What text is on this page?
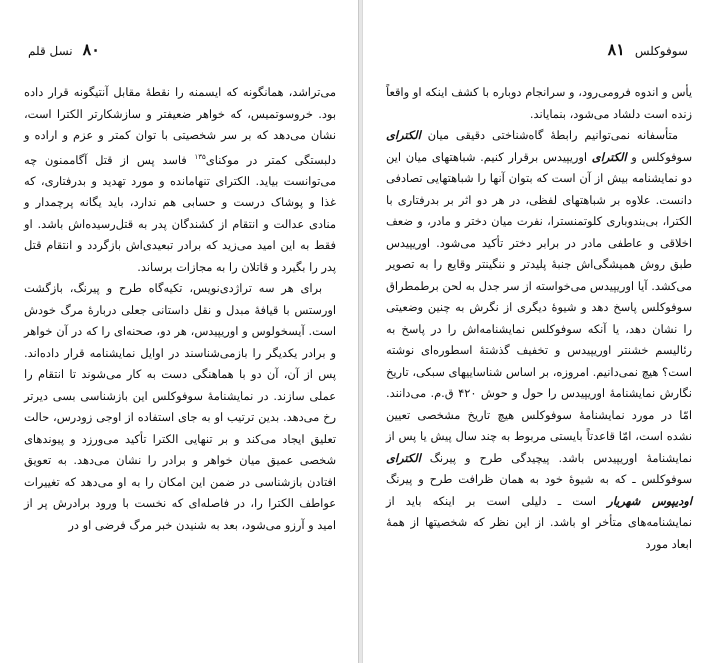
۸۰
نسل قلم

می‌تراشد، همانگونه که ایسمنه را نقطهٔ مقابل آنتیگونه قرار داده بود. خروسوتمیس، که خواهر ضعیفتر و سازشکارتر الکترا است، نشان می‌دهد که بر سر شخصیتی با توان کمتر و عزم و اراده و دلبستگی کمتر در موکنای$^{۱۳۵}$ فاسد پس از قتل آگاممنون چه می‌توانست بیاید. الکترای تنهاماندە و مورد تهدید و بدرفتاری، که غذا و پوشاک درست و حسابی هم ندارد، باید یگانه پرچمدار و منادی عدالت و انتقام از کشندگان پدر به قتل‌رسیده‌اش باشد. او فقط به این امید می‌زید که برادر تبعیدی‌اش بازگردد و انتقام قتل پدر را بگیرد و قاتلان را به مجازات برساند.

برای هر سه تراژدی‌نویس، تکیه‌گاه طرح و پیرنگ، بازگشت اورستس با قیافهٔ مبدل و نقل داستانی جعلی دربارهٔ مرگ خودش است. آیسخولوس و اوریپیدس، هر دو، صحنه‌ای را که در آن خواهر و برادر یکدیگر را بازمی‌شناسند در اوایل نمایشنامه قرار داده‌اند. پس از آن، آن دو با هماهنگی دست به کار می‌شوند تا انتقام را عملی سازند. در نمایشنامهٔ سوفوکلس این بازشناسی بسی دیرتر رخ می‌دهد. بدین ترتیب او به جای استفاده از اوجی زودرس، حالت تعلیق ایجاد می‌کند و بر تنهایی الکترا تأکید می‌ورزد و پیوندهای شخصی عمیق میان خواهر و برادر را نشان می‌دهد. به تعویق افتادن بازشناسی در ضمن این امکان را به او می‌دهد که تغییرات عواطف الکترا را، در فاصله‌ای که نخست با ورود برادرش پر از امید و آرزو می‌شود، بعد به شنیدن خبر مرگ فرضی او در

سوفوکلس
۸۱

یأس و اندوه فرومی‌رود، و سرانجام دوباره با کشف اینکه او واقعاً زنده است دلشاد می‌شود، بنمایاند.

متأسفانه نمی‌توانیم رابطهٔ گاه‌شناختی دقیقی میان الکترای سوفوکلس و الکترای اوریپیدس برقرار کنیم. شباهتهای میان این دو نمایشنامه بیش از آن است که بتوان آنها را شباهتهایی تصادفی دانست. علاوه بر شباهتهای لفظی، در هر دو اثر بر بدرفتاری با الکترا، بی‌بندوباری کلوتمنسترا، نفرت میان دختر و مادر، و ضعف اخلاقی و عاطفی مادر در برابر دختر تأکید می‌شود. اوریپیدس طبق روش همیشگی‌اش جنبهٔ پلیدتر و ننگینتر وقایع را به تصویر می‌کشد. آیا اوریپیدس می‌خواسته از سر جدل به لحن برطمطراق سوفوکلس پاسخ دهد و شیوهٔ دیگری از نگرش به چنین وضعیتی را نشان دهد، یا آنکه سوفوکلس نمایشنامه‌اش را در پاسخ به رئالیسم خشنتر اوریپیدس و تخفیف گذشتهٔ اسطوره‌ای نوشته است؟ هیچ نمی‌دانیم. امروزه، بر اساس شناساییهای سبکی، تاریخ نگارش نمایشنامهٔ اوریپیدس را حول و حوش ۴۲۰ ق.م. می‌دانند. امّا در مورد نمایشنامهٔ سوفوکلس هیچ تاریخ مشخصی تعیین نشده است، امّا قاعدتاً بایستی مربوط به چند سال پیش یا پس از نمایشنامهٔ اوریپیدس باشد. پیچیدگی طرح و پیرنگ الکترای سوفوکلس ـ که به شیوهٔ خود به همان ظرافت طرح و پیرنگ اودیپوس شهریار است ـ دلیلی است بر اینکه باید از نمایشنامه‌های متأخر او باشد. از این نظر که شخصیتها از همهٔ ابعاد مورد
